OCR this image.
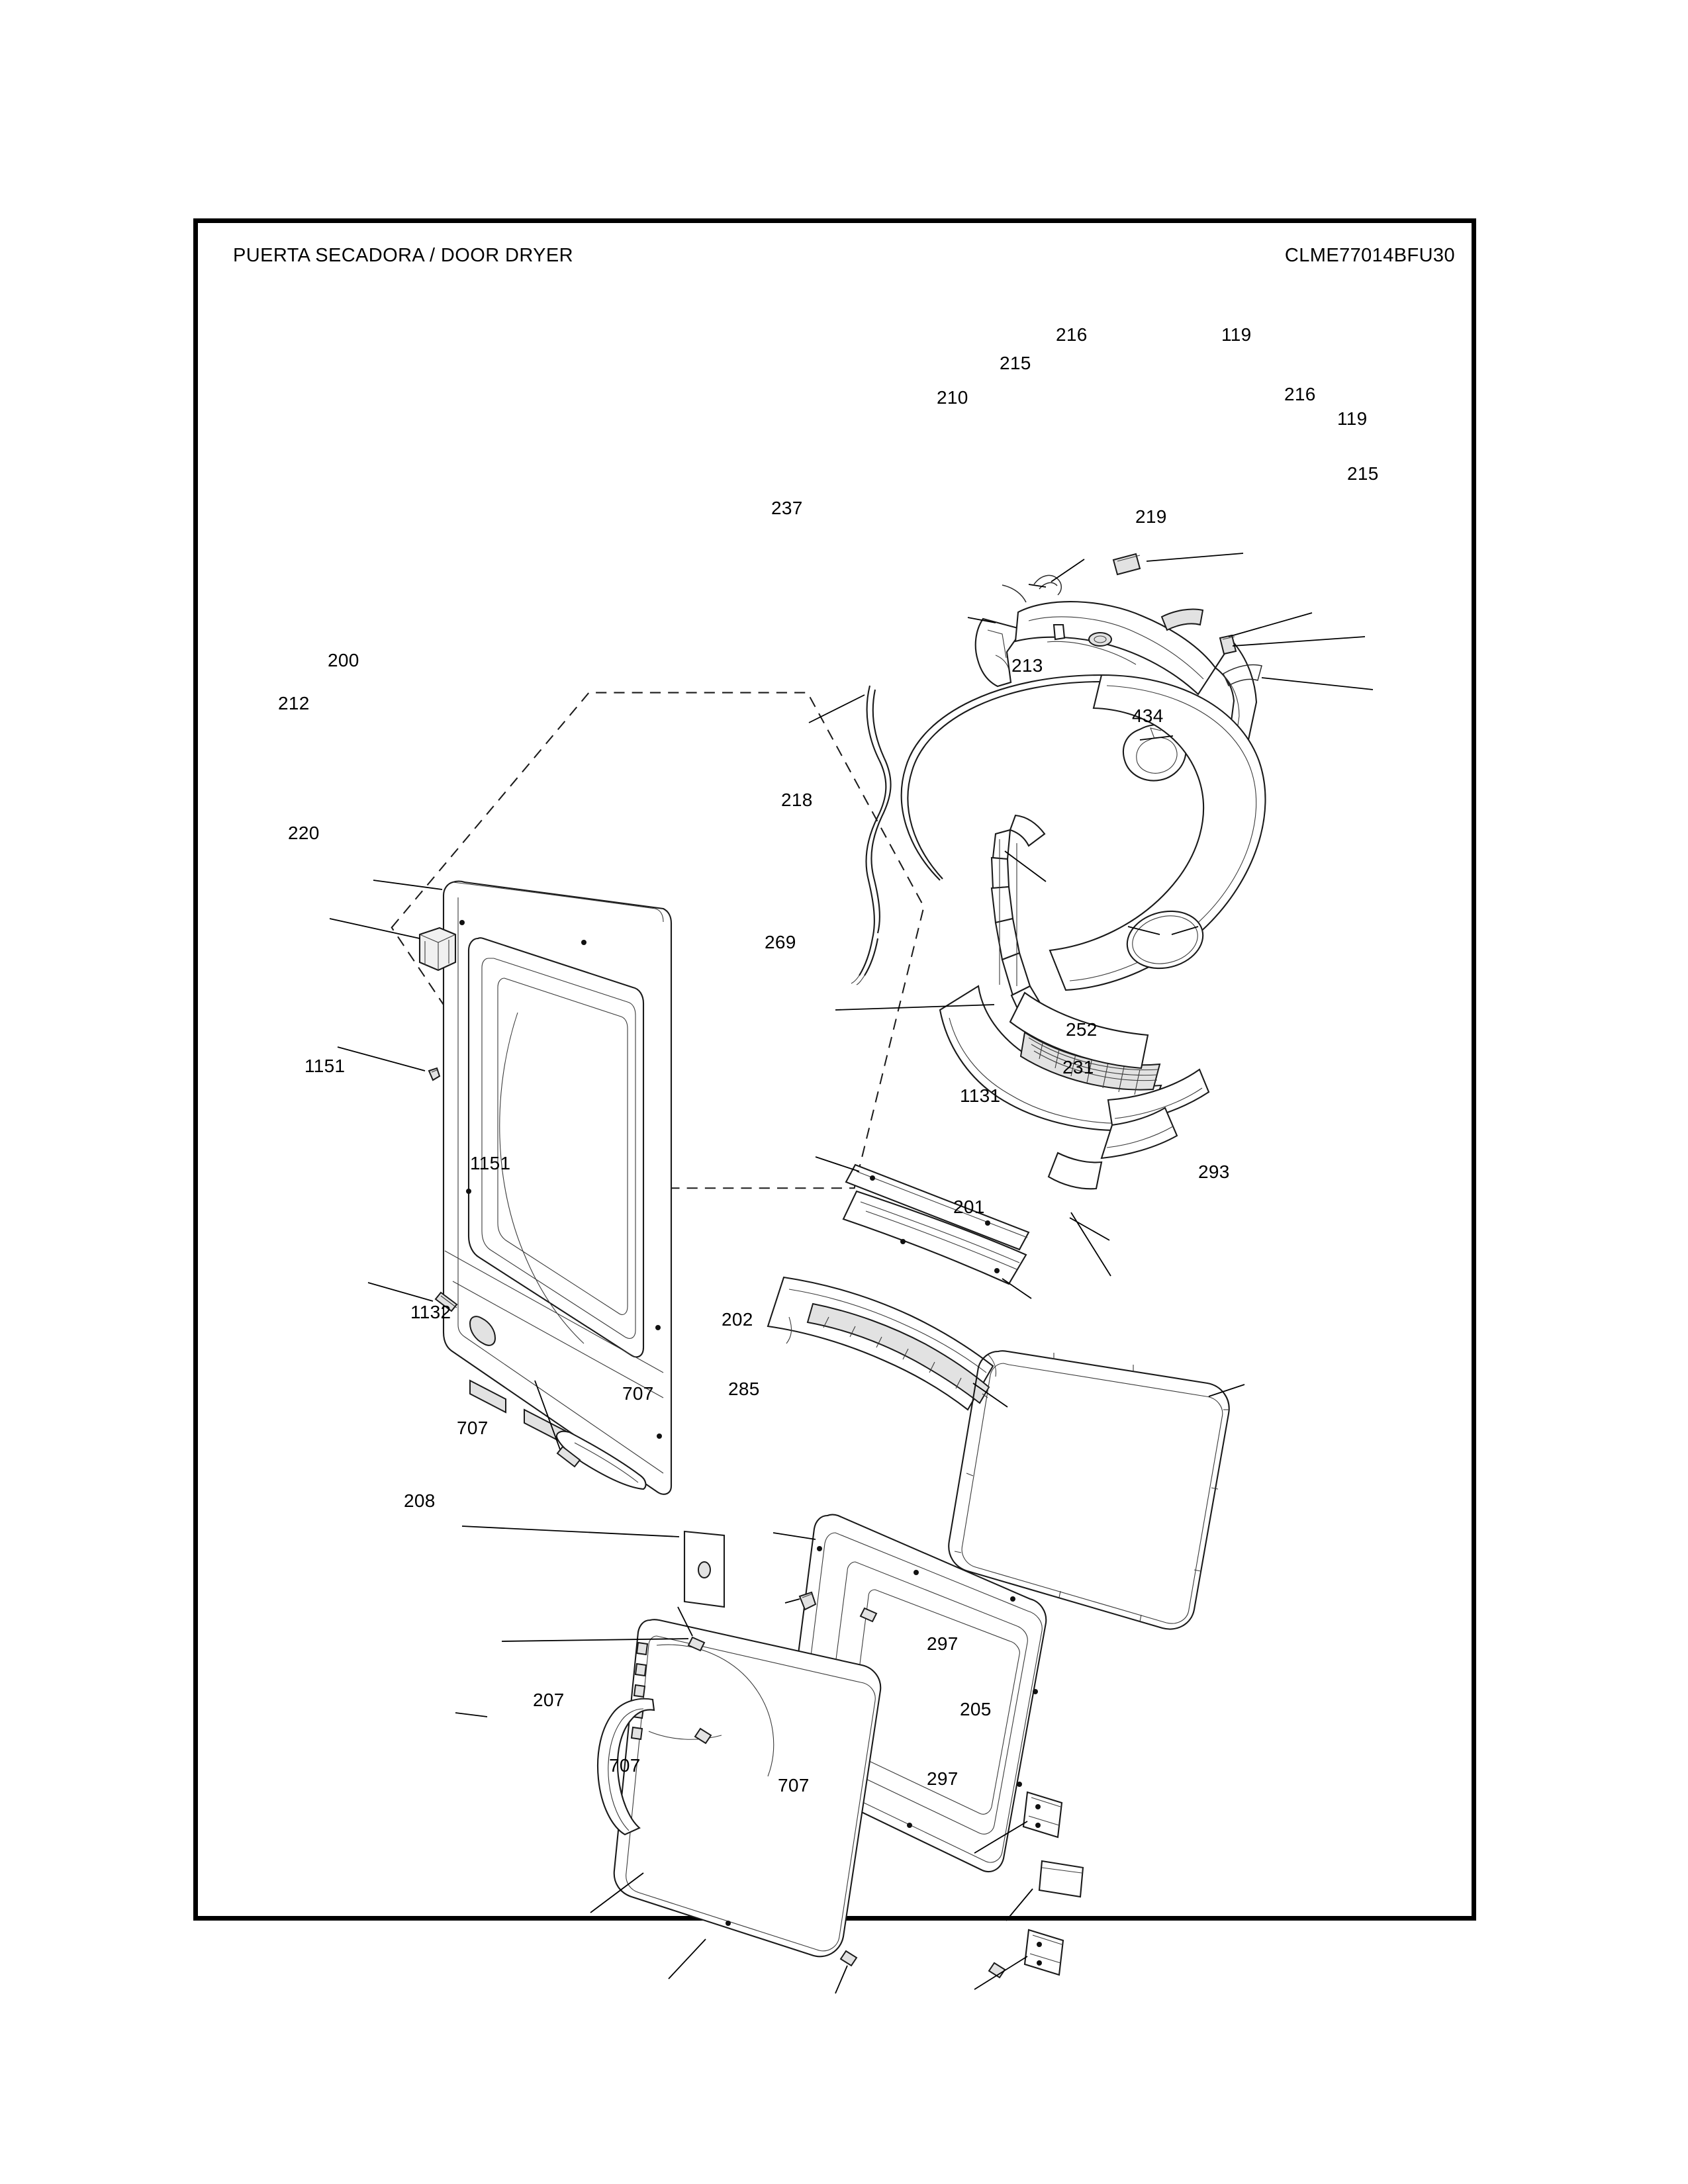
PUERTA SECADORA / DOOR DRYER	CLME77014BFU30
216	119
215
216
210
119
215
237	219
213
434
200
212
218
220
269
252
1151	231
1131
1151	293
201
1132	202
285
707
707
208
297
205
207
707
707	297
